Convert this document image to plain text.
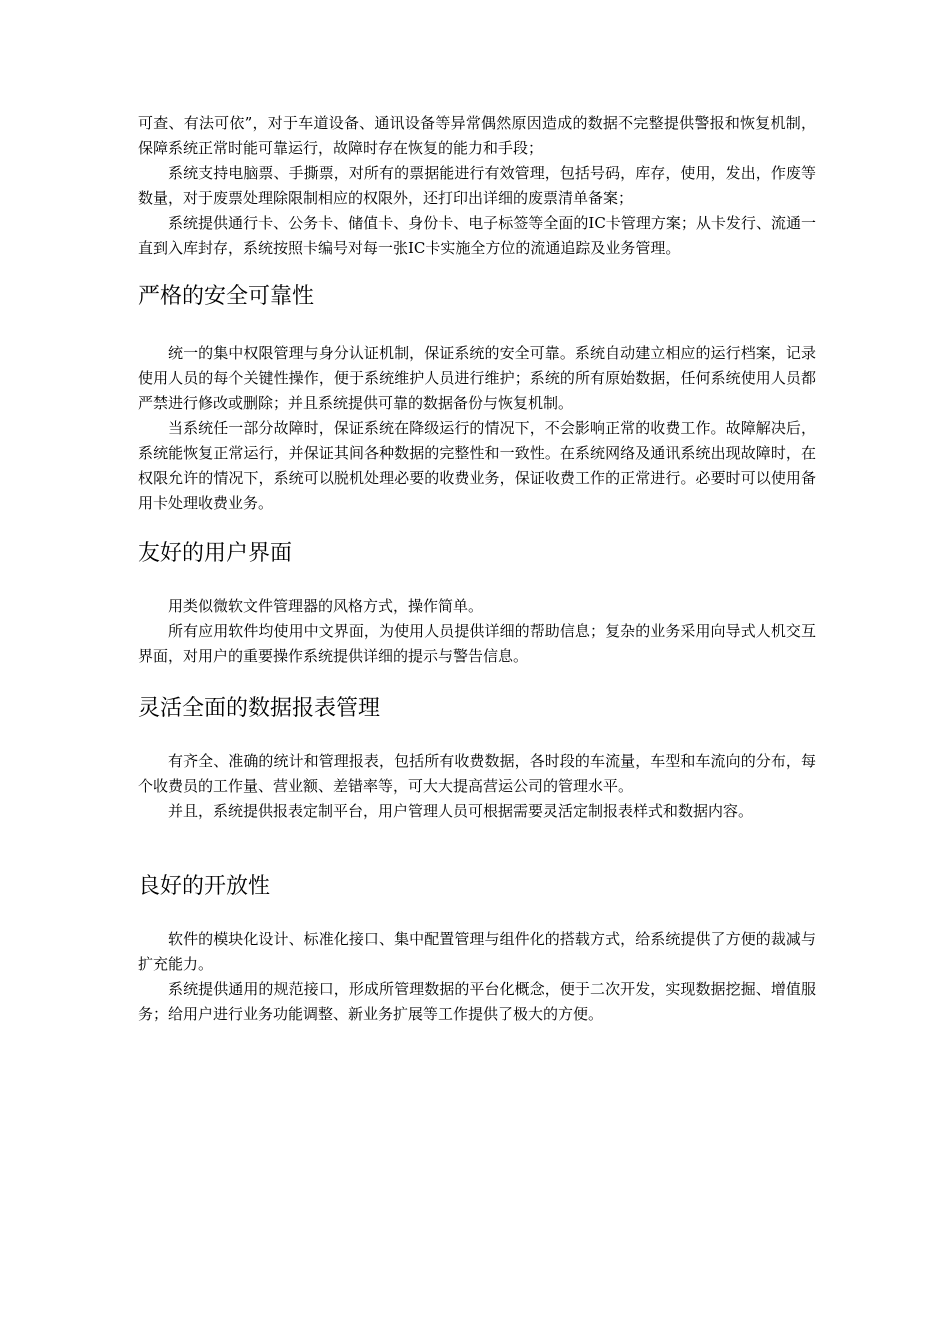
可查、有法可依”，对于车道设备、通讯设备等异常偶然原因造成的数据不完整提供警报和恢复机制，保障系统正常时能可靠运行，故障时存在恢复的能力和手段；

系统支持电脑票、手撕票，对所有的票据能进行有效管理，包括号码，库存，使用，发出，作废等数量，对于废票处理除限制相应的权限外，还打印出详细的废票清单备案；

系统提供通行卡、公务卡、储值卡、身份卡、电子标签等全面的IC卡管理方案；从卡发行、流通一直到入库封存，系统按照卡编号对每一张IC卡实施全方位的流通追踪及业务管理。

严格的安全可靠性

统一的集中权限管理与身分认证机制，保证系统的安全可靠。系统自动建立相应的运行档案，记录使用人员的每个关键性操作，便于系统维护人员进行维护；系统的所有原始数据，任何系统使用人员都严禁进行修改或删除；并且系统提供可靠的数据备份与恢复机制。

当系统任一部分故障时，保证系统在降级运行的情况下，不会影响正常的收费工作。故障解决后，系统能恢复正常运行，并保证其间各种数据的完整性和一致性。在系统网络及通讯系统出现故障时，在权限允许的情况下，系统可以脱机处理必要的收费业务，保证收费工作的正常进行。必要时可以使用备用卡处理收费业务。

友好的用户界面

用类似微软文件管理器的风格方式，操作简单。

所有应用软件均使用中文界面，为使用人员提供详细的帮助信息；复杂的业务采用向导式人机交互界面，对用户的重要操作系统提供详细的提示与警告信息。

灵活全面的数据报表管理

有齐全、准确的统计和管理报表，包括所有收费数据，各时段的车流量，车型和车流向的分布，每个收费员的工作量、营业额、差错率等，可大大提高营运公司的管理水平。

并且，系统提供报表定制平台，用户管理人员可根据需要灵活定制报表样式和数据内容。

良好的开放性

软件的模块化设计、标准化接口、集中配置管理与组件化的搭载方式，给系统提供了方便的裁减与扩充能力。

系统提供通用的规范接口，形成所管理数据的平台化概念，便于二次开发，实现数据挖掘、增值服务；给用户进行业务功能调整、新业务扩展等工作提供了极大的方便。
